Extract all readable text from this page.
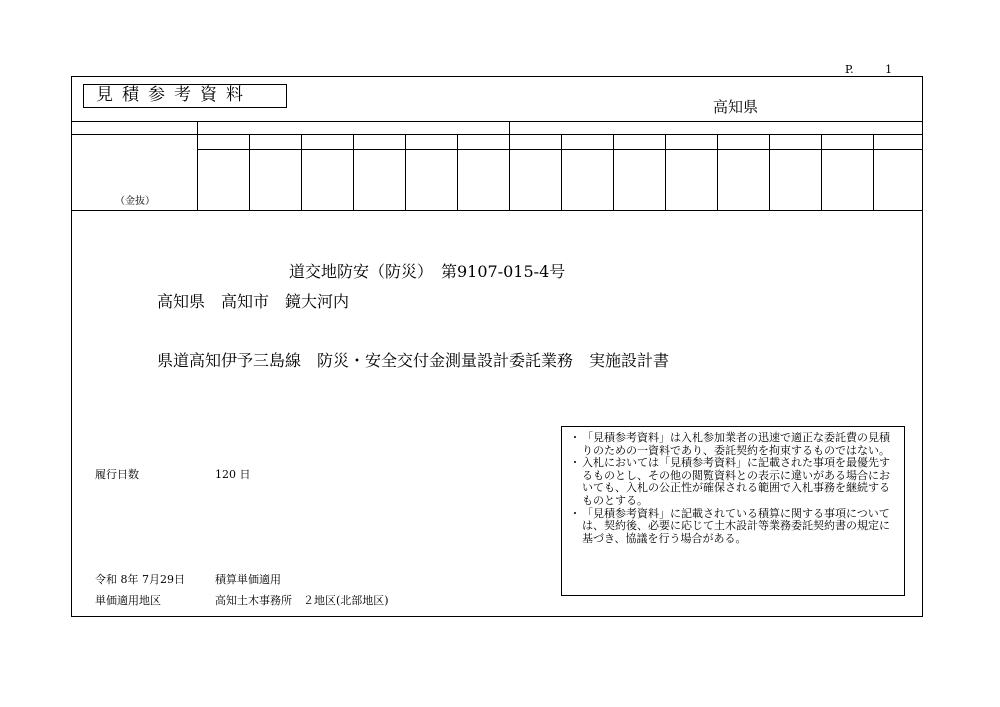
P.	1
見積参考資料
高知県
（金抜）
道交地防安（防災）　第9107-015-4号
高知県　高知市　鏡大河内
県道高知伊予三島線　防災・安全交付金測量設計委託業務　実施設計書
履行日数	120 日
令和 8年 7月29日	積算単価適用
単価適用地区	高知土木事務所　２地区(北部地区)
・ 「見積参考資料」は入札参加業者の迅速で適正な委託費の見積りのための一資料であり、委託契約を拘束するものではない。
・ 入札においては「見積参考資料」に記載された事項を最優先するものとし、その他の閲覧資料との表示に違いがある場合においても、入札の公正性が確保される範囲で入札事務を継続するものとする。
・ 「見積参考資料」に記載されている積算に関する事項については、契約後、必要に応じて土木設計等業務委託契約書の規定に基づき、協議を行う場合がある。
